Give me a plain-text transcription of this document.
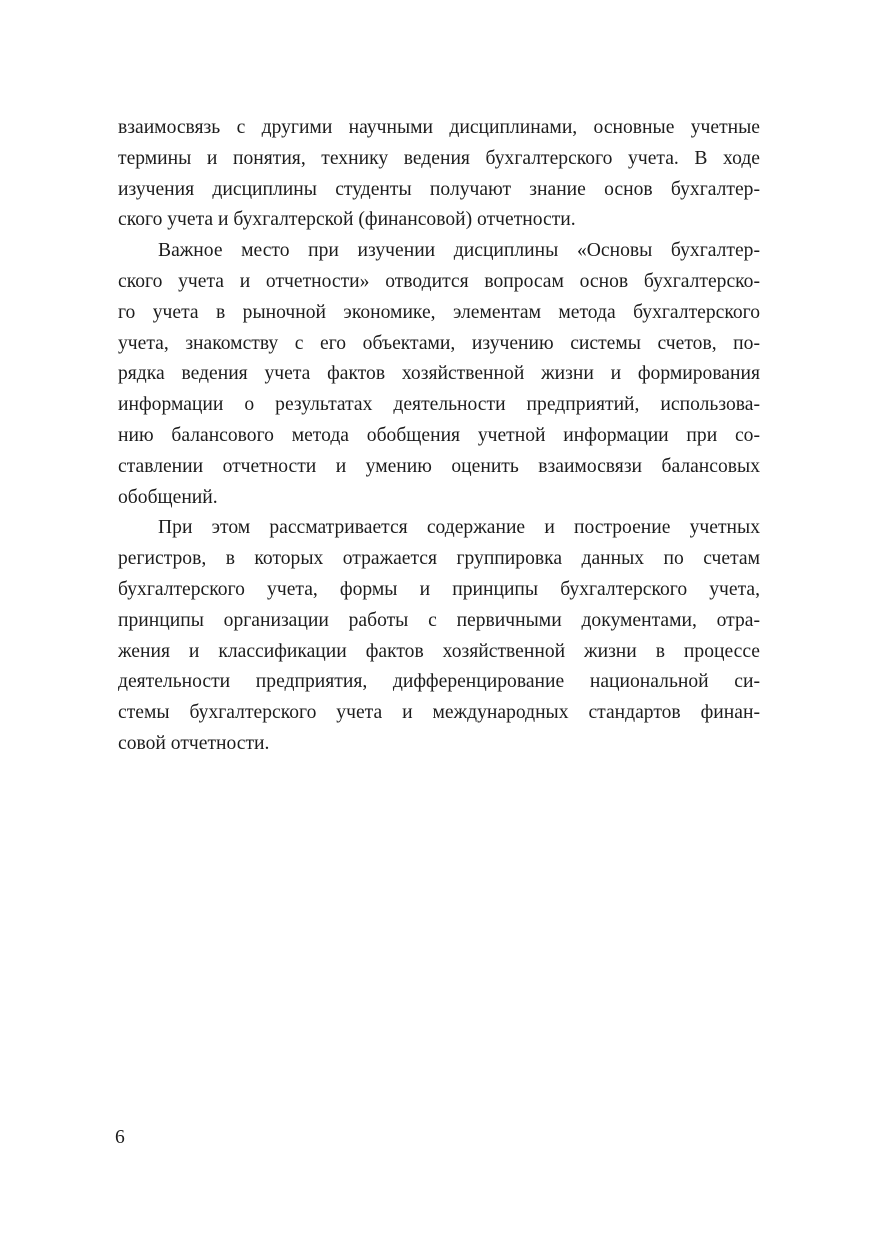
взаимосвязь с другими научными дисциплинами, основные учетные
термины и понятия, технику ведения бухгалтерского учета. В ходе
изучения дисциплины студенты получают знание основ бухгалтер-
ского учета и бухгалтерской (финансовой) отчетности.
Важное место при изучении дисциплины «Основы бухгалтер-
ского учета и отчетности» отводится вопросам основ бухгалтерско-
го учета в рыночной экономике, элементам метода бухгалтерского
учета, знакомству с его объектами, изучению системы счетов, по-
рядка ведения учета фактов хозяйственной жизни и формирования
информации о результатах деятельности предприятий, использова-
нию балансового метода обобщения учетной информации при со-
ставлении отчетности и умению оценить взаимосвязи балансовых
обобщений.
При этом рассматривается содержание и построение учетных
регистров, в которых отражается группировка данных по счетам
бухгалтерского учета, формы и принципы бухгалтерского учета,
принципы организации работы с первичными документами, отра-
жения и классификации фактов хозяйственной жизни в процессе
деятельности предприятия, дифференцирование национальной си-
стемы бухгалтерского учета и международных стандартов финан-
совой отчетности.
6
